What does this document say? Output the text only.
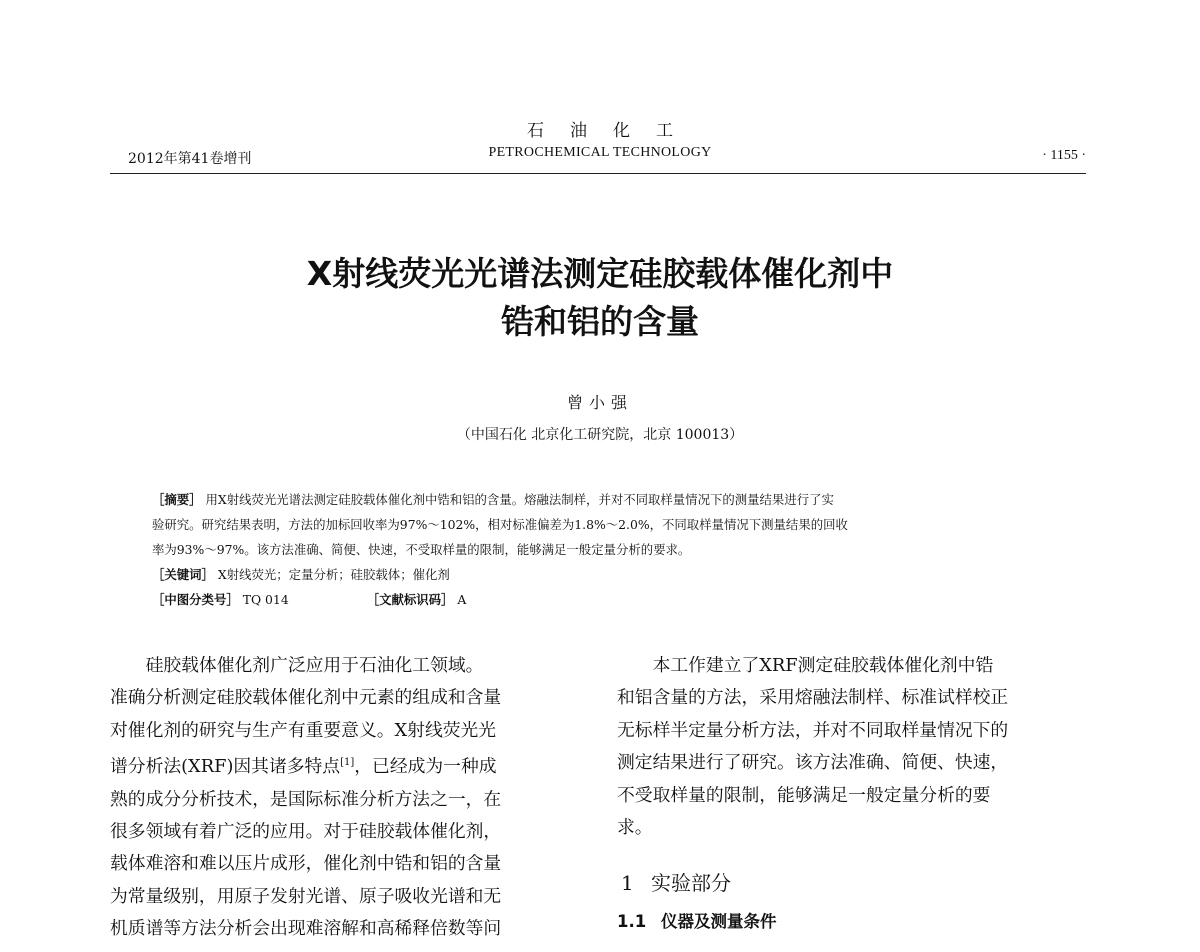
石油化工
PETROCHEMICAL TECHNOLOGY
2012年第41卷增刊	· 1155 ·
X射线荧光光谱法测定硅胶载体催化剂中
锆和铝的含量
曾小强
（中国石化 北京化工研究院，北京 100013）

［摘要］ 用X射线荧光光谱法测定硅胶载体催化剂中锆和铝的含量。熔融法制样，并对不同取样量情况下的测量结果进行了实

验研究。研究结果表明，方法的加标回收率为97%～102%，相对标准偏差为1.8%～2.0%，不同取样量情况下测量结果的回收

率为93%～97%。该方法准确、简便、快速，不受取样量的限制，能够满足一般定量分析的要求。

［关键词］ X射线荧光；定量分析；硅胶载体；催化剂

［中图分类号］ TQ 014	［文献标识码］ A

　　硅胶载体催化剂广泛应用于石油化工领域。
准确分析测定硅胶载体催化剂中元素的组成和含量
对催化剂的研究与生产有重要意义。X射线荧光光
谱分析法(XRF)因其诸多特点[1]，已经成为一种成
熟的成分分析技术，是国际标准分析方法之一，在
很多领域有着广泛的应用。对于硅胶载体催化剂，
载体难溶和难以压片成形，催化剂中锆和铝的含量
为常量级别，用原子发射光谱、原子吸收光谱和无
机质谱等方法分析会出现难溶解和高稀释倍数等问
　　本工作建立了XRF测定硅胶载体催化剂中锆
和铝含量的方法，采用熔融法制样、标准试样校正
无标样半定量分析方法，并对不同取样量情况下的
测定结果进行了研究。该方法准确、简便、快速，
不受取样量的限制，能够满足一般定量分析的要
求。
1 实验部分
1.1 仪器及测量条件
